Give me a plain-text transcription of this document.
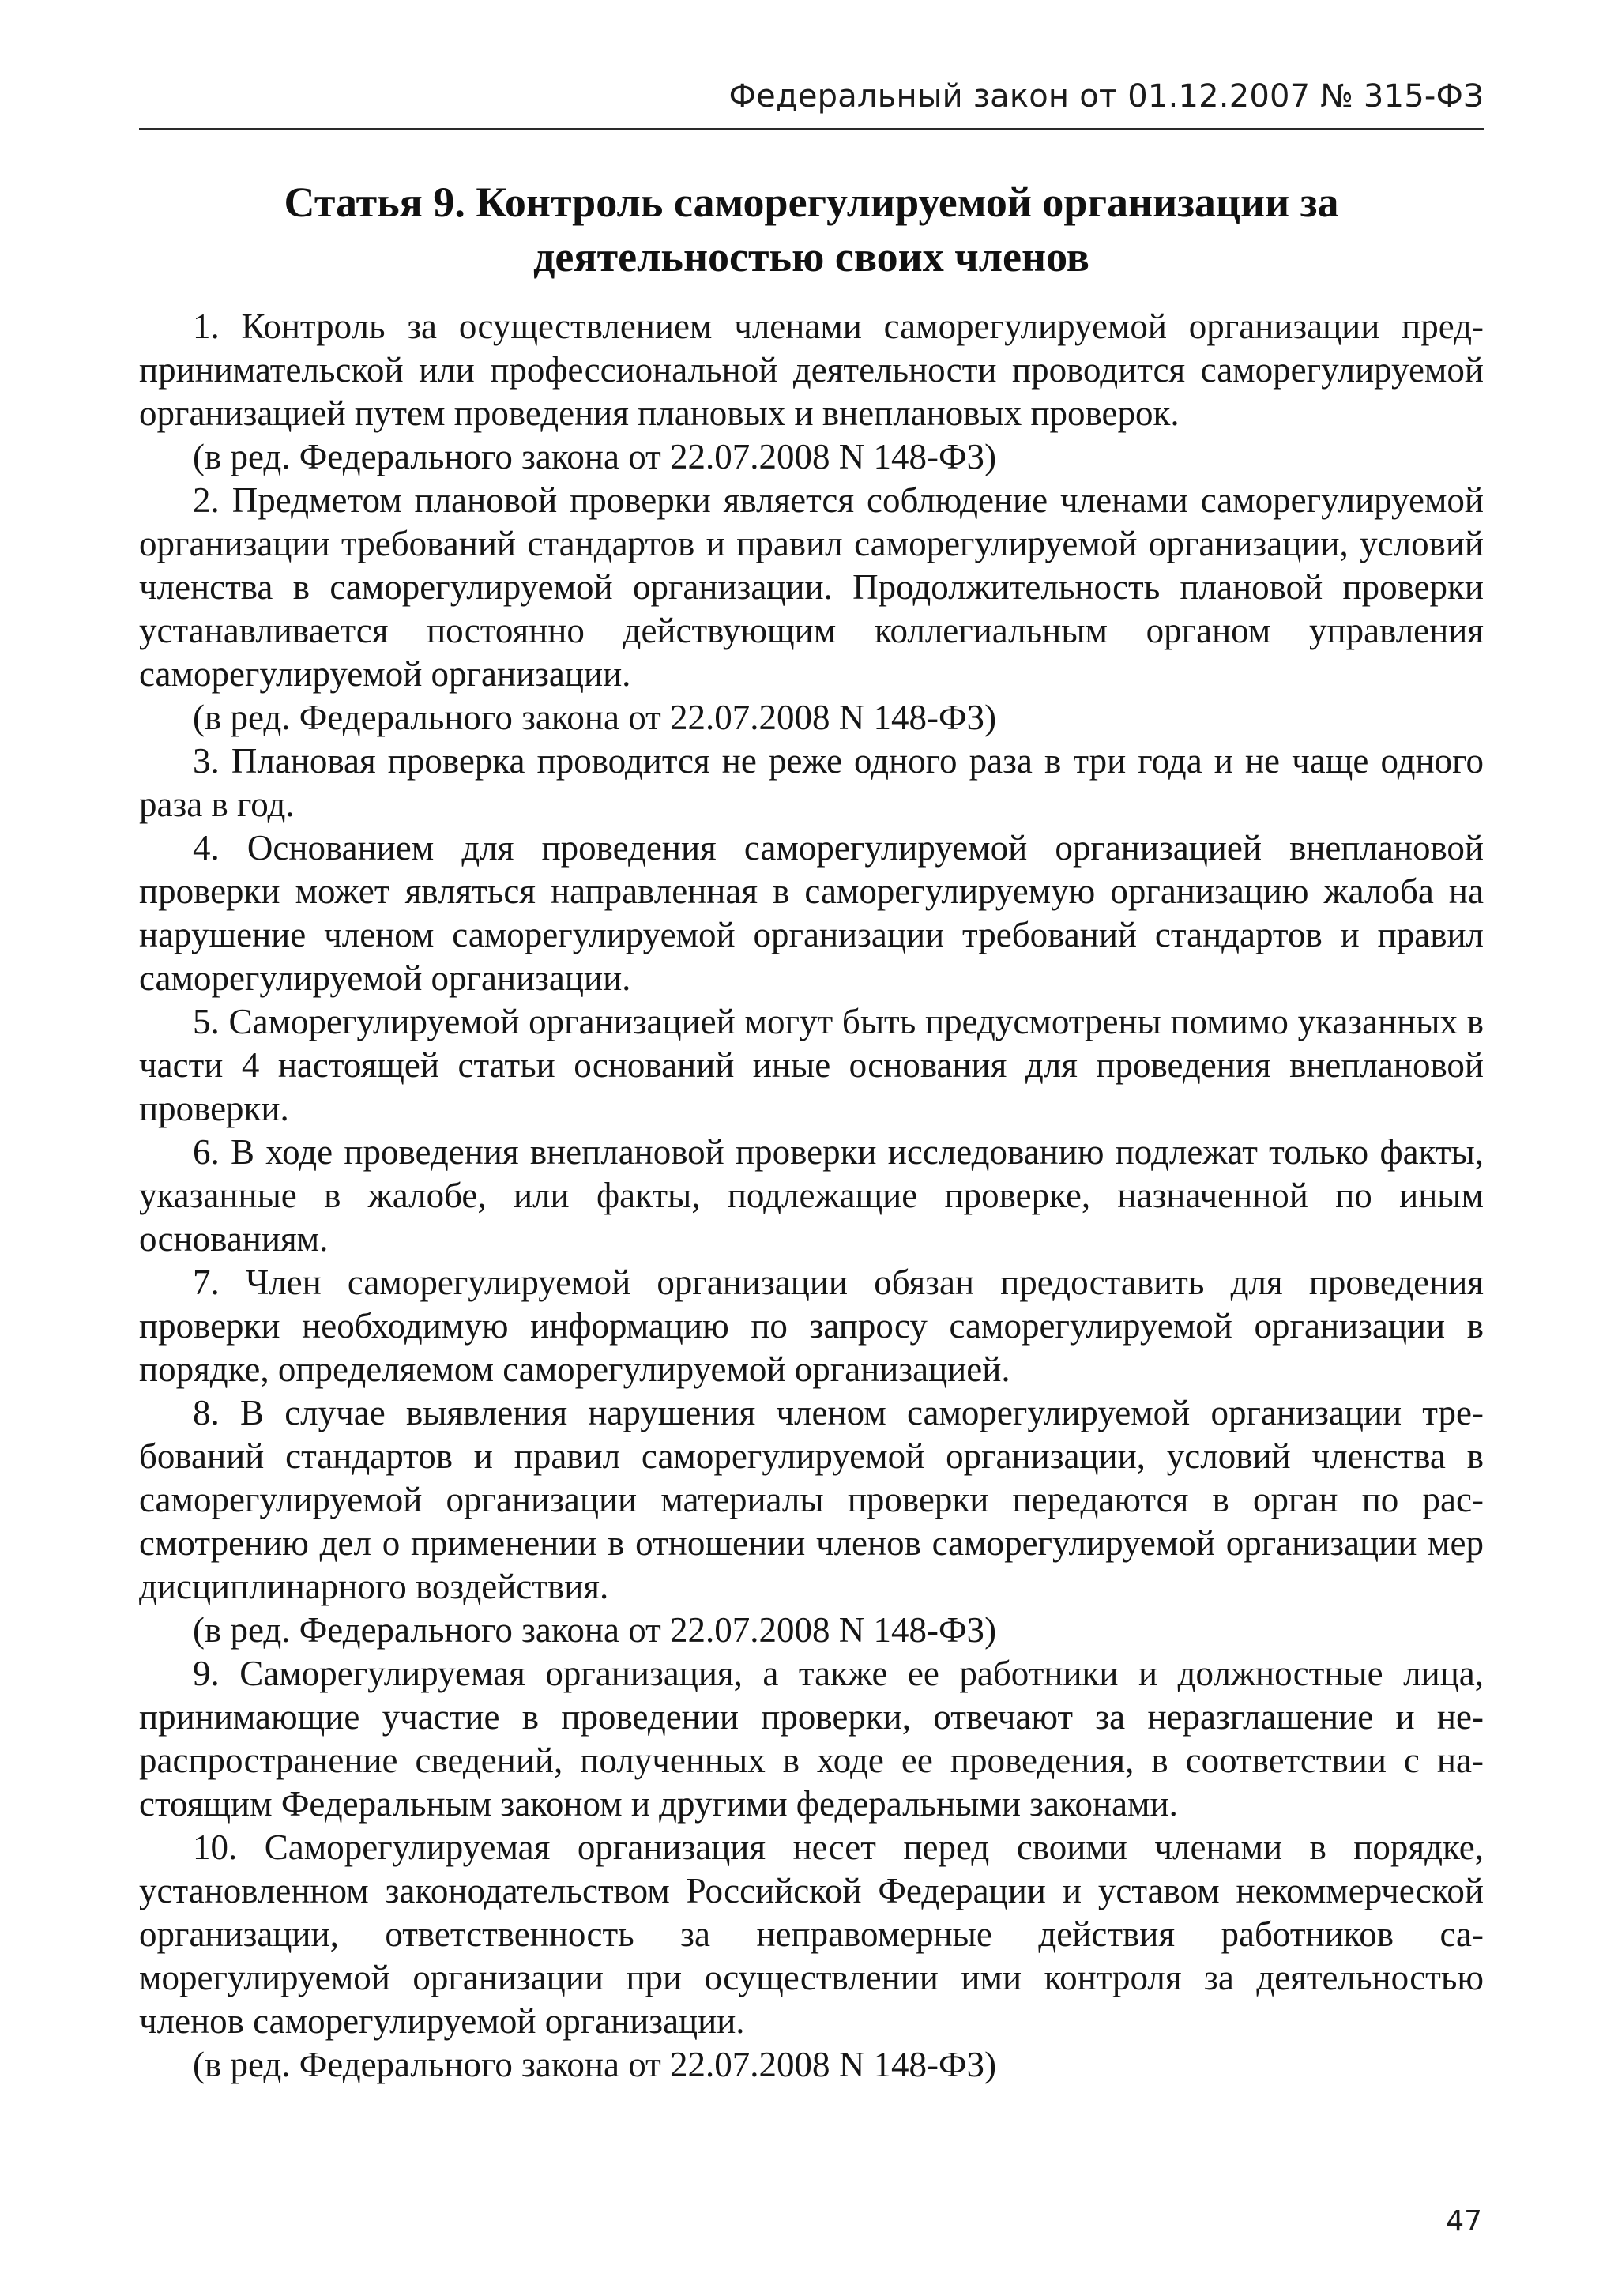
Федеральный закон от 01.12.2007 № 315-ФЗ
Статья 9. Контроль саморегулируемой организации за деятельностью своих членов

1. Контроль за осуществлением членами саморегулируемой организации предпринимательской или профессиональной деятельности проводится саморегулируемой организацией путем проведения плановых и внеплановых проверок.

(в ред. Федерального закона от 22.07.2008 N 148-ФЗ)

2. Предметом плановой проверки является соблюдение членами саморегулируемой организации требований стандартов и правил саморегулируемой организации, условий членства в саморегулируемой организации. Продолжительность плановой проверки устанавливается постоянно действующим коллегиальным органом управления саморегулируемой организации.

(в ред. Федерального закона от 22.07.2008 N 148-ФЗ)

3. Плановая проверка проводится не реже одного раза в три года и не чаще одного раза в год.

4. Основанием для проведения саморегулируемой организацией внеплановой проверки может являться направленная в саморегулируемую организацию жалоба на нарушение членом саморегулируемой организации требований стандартов и правил саморегулируемой организации.

5. Саморегулируемой организацией могут быть предусмотрены помимо указанных в части 4 настоящей статьи оснований иные основания для проведения внеплановой проверки.

6. В ходе проведения внеплановой проверки исследованию подлежат только факты, указанные в жалобе, или факты, подлежащие проверке, назначенной по иным основаниям.

7. Член саморегулируемой организации обязан предоставить для проведения проверки необходимую информацию по запросу саморегулируемой организации в порядке, определяемом саморегулируемой организацией.

8. В случае выявления нарушения членом саморегулируемой организации требований стандартов и правил саморегулируемой организации, условий членства в саморегулируемой организации материалы проверки передаются в орган по рассмотрению дел о применении в отношении членов саморегулируемой организации мер дисциплинарного воздействия.

(в ред. Федерального закона от 22.07.2008 N 148-ФЗ)

9. Саморегулируемая организация, а также ее работники и должностные лица, принимающие участие в проведении проверки, отвечают за неразглашение и нераспространение сведений, полученных в ходе ее проведения, в соответствии с настоящим Федеральным законом и другими федеральными законами.

10. Саморегулируемая организация несет перед своими членами в порядке, установленном законодательством Российской Федерации и уставом некоммерческой организации, ответственность за неправомерные действия работников саморегулируемой организации при осуществлении ими контроля за деятельностью членов саморегулируемой организации.

(в ред. Федерального закона от 22.07.2008 N 148-ФЗ)

47
